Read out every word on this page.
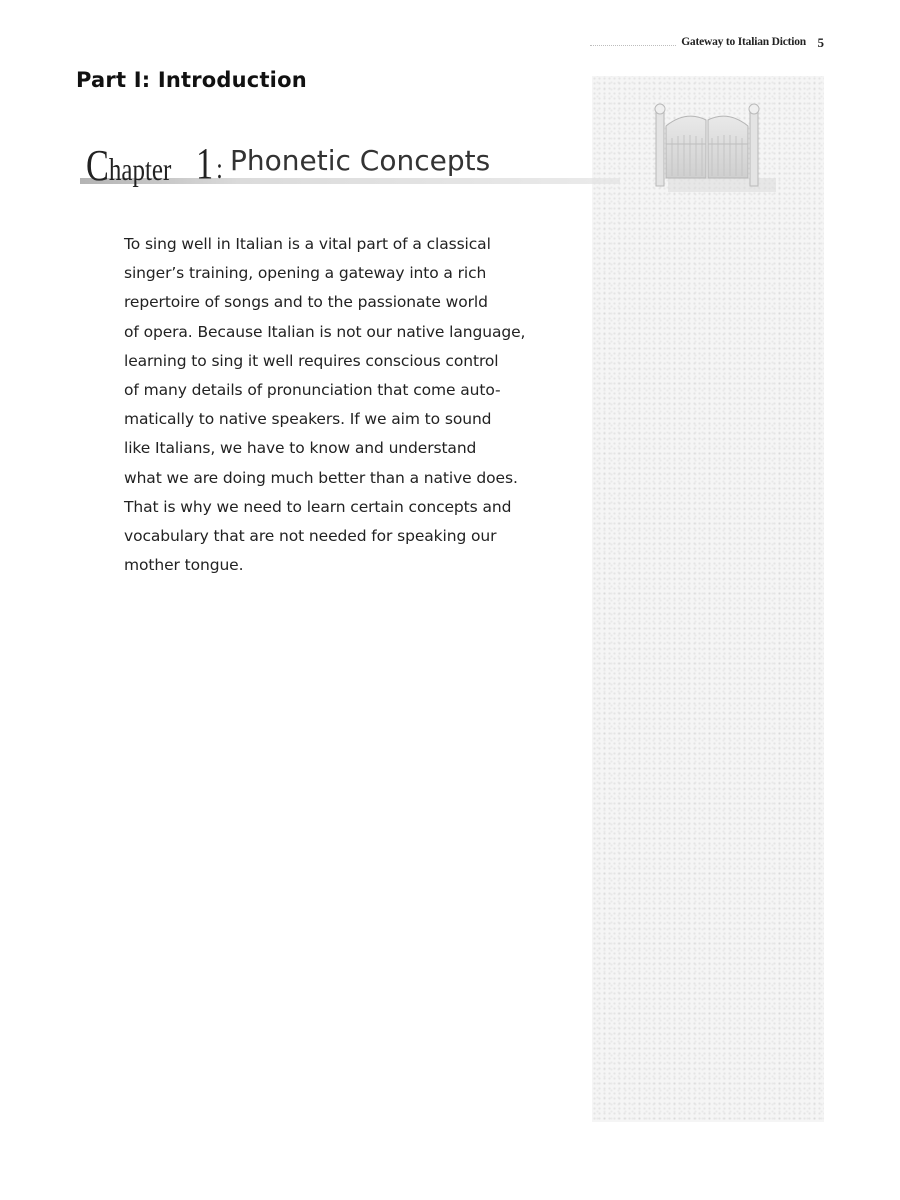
Gateway to Italian Diction 5
Part I: Introduction
Chapter 1 : Phonetic Concepts
To sing well in Italian is a vital part of a classical
singer’s training, opening a gateway into a rich
repertoire of songs and to the passionate world
of opera. Because Italian is not our native language,
learning to sing it well requires conscious control
of many details of pronunciation that come auto-
matically to native speakers. If we aim to sound
like Italians, we have to know and understand
what we are doing much better than a native does.
That is why we need to learn certain concepts and
vocabulary that are not needed for speaking our
mother tongue.
